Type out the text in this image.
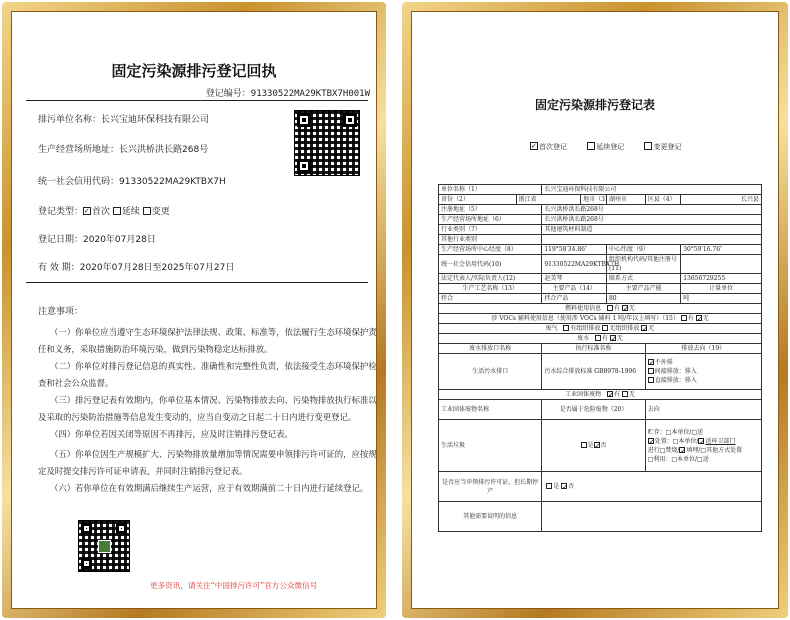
固定污染源排污登记回执
登记编号：91330522MA29KTBX7H001W
排污单位名称：长兴宝迪环保科技有限公司
生产经营场所地址：长兴洪桥洪长路268号
统一社会信用代码：91330522MA29KTBX7H
登记类型： ✓ 首次 延续 变更
登记日期：2020年07月28日
有 效 期：2020年07月28日至2025年07月27日
注意事项：
（一）你单位应当遵守生态环境保护法律法规、政策、标准等，依法履行生态环境保护责任和义务，采取措施防治环境污染，做到污染物稳定达标排放。
（二）你单位对排污登记信息的真实性、准确性和完整性负责，依法接受生态环境保护检查和社会公众监督。
（三）排污登记表有效期内，你单位基本情况、污染物排放去向、污染物排放执行标准以及采取的污染防治措施等信息发生变动的，应当自变动之日起二十日内进行变更登记。
（四）你单位若因关闭等原因不再排污，应及时注销排污登记表。
（五）你单位因生产规模扩大、污染物排放量增加等情况需要申领排污许可证的，应按规定及时提交排污许可证申请表，并同时注销排污登记表。
（六）若你单位在有效期满后继续生产运营，应于有效期满前二十日内进行延续登记。
更多资讯，请关注“中国排污许可”官方公众微信号
固定污染源排污登记表
✓首次登记	延续登记	变更登记
单位名称（1）		长兴宝迪环保科技有限公司				
省份（2）	浙江省		地市（3）	湖州市	区县（4）	长兴县
注册地址（5）		长兴洪桥洪长路268号				
生产经营场所地址（6）		长兴洪桥洪长路268号				
行业类别（7）		其他建筑材料制造				
其他行业类别						
生产经营场所中心经度（8）		119°58′34.86″		中心纬度（9）		30°59′16.76″
统一社会信用代码(10)		91330522MA29KTBX7H		组织机构代码/其他注册号(11)		
法定代表人/实际负责人(12)		赵美琴		联系方式		13656729255
生产工艺名称（13）		主要产品（14）		主要产品产能		计量单位
拌合		拌合产品		80		吨
燃料使用信息 有 ✓ 无
涉 VOCs 辅料使用信息（使用涉 VOCs 辅料 1 吨/年以上填写）（15） 有 ✓ 无
废气 有组织排放 无组织排放 ✓ 无
废水 有 ✓ 无
废水排放口名称		执行标准名称			排放去向（19）	
生活污水排口		污水综合排放标准 GB8978-1996	
✓不外排
间接排放：排入
直接排放：排入

工业固体废物 ✓ 有 无
工业固体废物名称		是否属于危险废物（20）			去向	
生活垃圾		是 ✓ 否			贮存：□本单位/□送
✓处置：□本单位/ ✓ 送环卫部门
进行□焚烧/ ✓ 填埋/□其他方式处置
□利用：□本单位/□送

是否应当申领排污许可证，但长期停产		是 ✓ 否
其他需要说明的信息						
